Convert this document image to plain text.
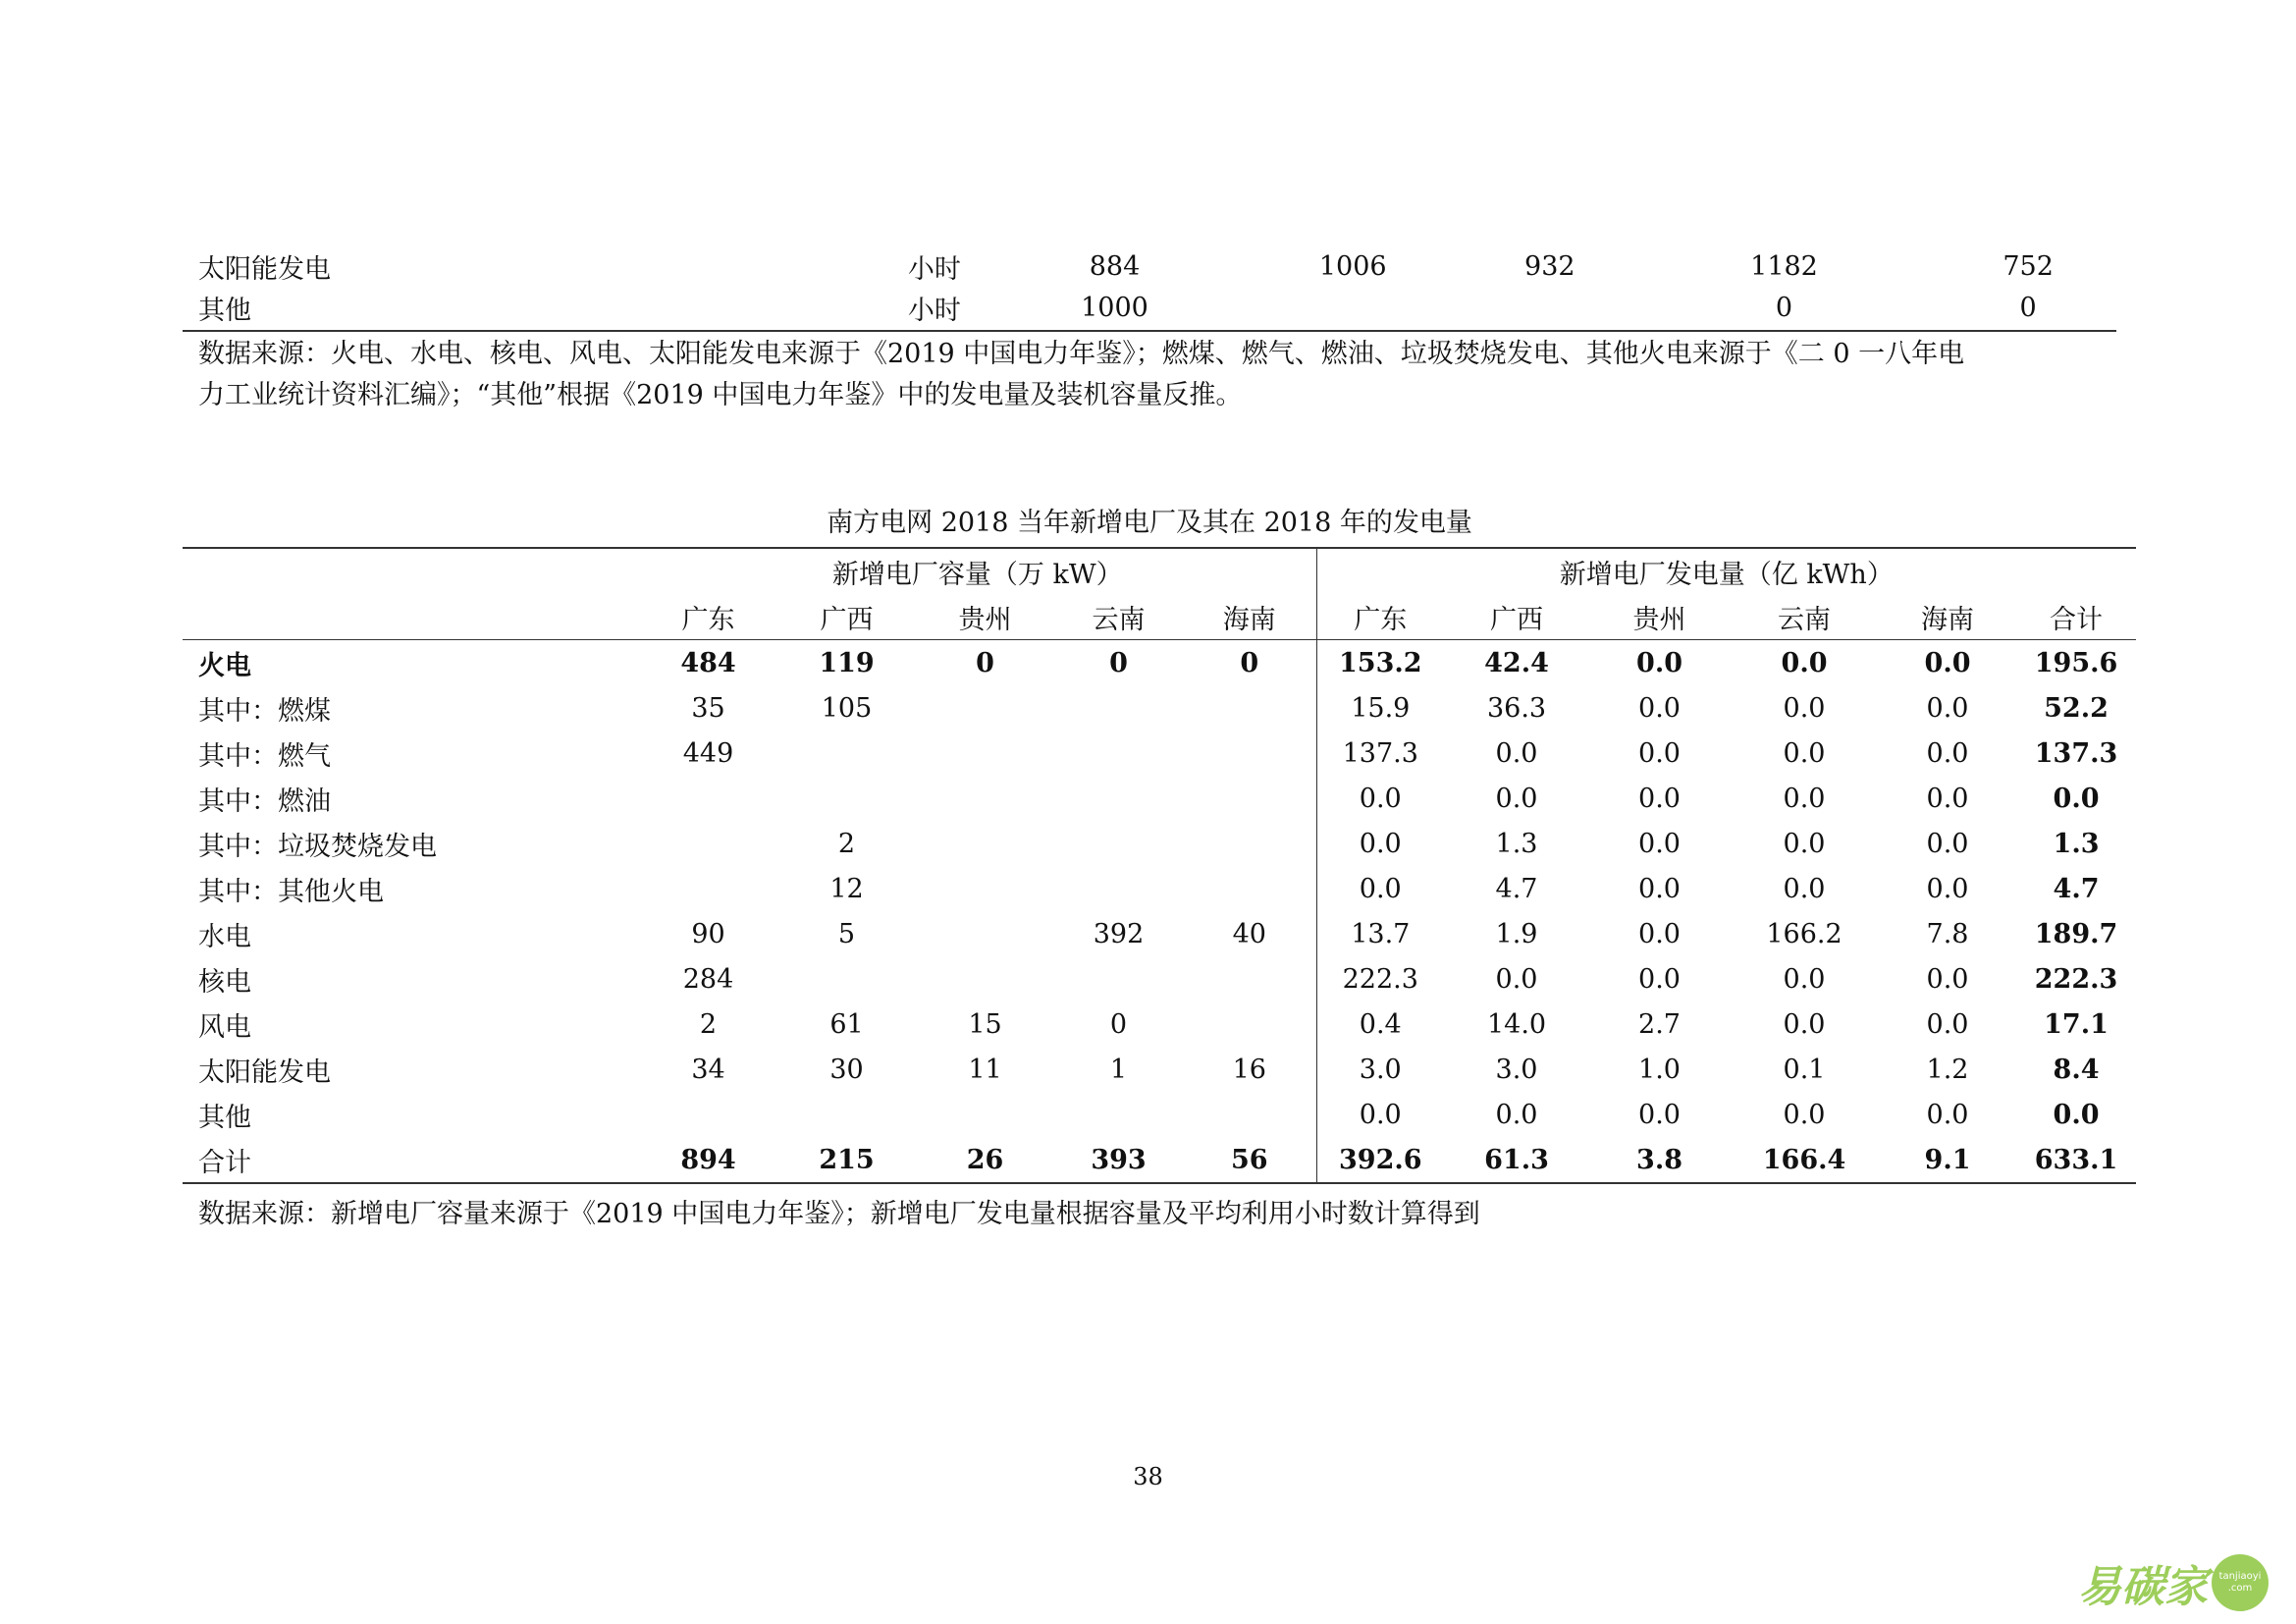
太阳能发电	小时	884	1006	932	1182	752
其他	小时	1000			0	0
数据来源：火电、水电、核电、风电、太阳能发电来源于《2019 中国电力年鉴》；燃煤、燃气、燃油、垃圾焚烧发电、其他火电来源于《二 0 一八年电
力工业统计资料汇编》；“其他”根据《2019 中国电力年鉴》中的发电量及装机容量反推。
南方电网 2018 当年新增电厂及其在 2018 年的发电量
	新增电厂容量（万 kW）					新增电厂发电量（亿 kWh）					
	广东	广西	贵州	云南	海南	广东	广西	贵州	云南	海南	合计
火电	484	119	0	0	0	153.2	42.4	0.0	0.0	0.0	195.6
其中：燃煤	35	105				15.9	36.3	0.0	0.0	0.0	52.2
其中：燃气	449					137.3	0.0	0.0	0.0	0.0	137.3
其中：燃油						0.0	0.0	0.0	0.0	0.0	0.0
其中：垃圾焚烧发电		2				0.0	1.3	0.0	0.0	0.0	1.3
其中：其他火电		12				0.0	4.7	0.0	0.0	0.0	4.7
水电	90	5		392	40	13.7	1.9	0.0	166.2	7.8	189.7
核电	284					222.3	0.0	0.0	0.0	0.0	222.3
风电	2	61	15	0		0.4	14.0	2.7	0.0	0.0	17.1
太阳能发电	34	30	11	1	16	3.0	3.0	1.0	0.1	1.2	8.4
其他						0.0	0.0	0.0	0.0	0.0	0.0
合计	894	215	26	393	56	392.6	61.3	3.8	166.4	9.1	633.1
数据来源：新增电厂容量来源于《2019 中国电力年鉴》；新增电厂发电量根据容量及平均利用小时数计算得到
38
易碳家 tanjiaoyi
.com
